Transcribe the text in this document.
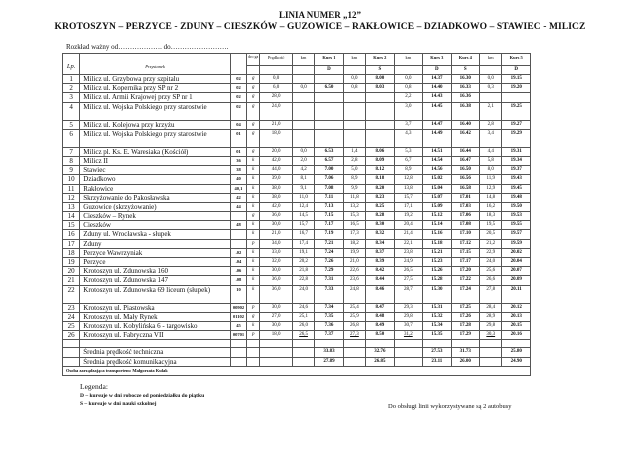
LINIA NUMER „12”
KROTOSZYN – PERZYCE - ZDUNY – CIESZKÓW – GUZOWICE – RAKŁOWICE – DZIADKOWO – STAWIEC - MILICZ
Rozkład ważny od………………. do…………………….
Lp.	Przystanek		dro ga	Prędkość	km	Kurs 1	km	Kurs 2	km	Kurs 3	Kurs 4	km	Kurs 5
						D		S		D	S		D
1	Milicz ul. Grzybowa przy szpitalu	02	g	0,0			0,0	8.00	0,0	14.37	16.30	0,0	19.15
2	Milicz ul. Kopernika przy SP nr 2	02	g	6,0	0,0	6.50	0,8	8.03	0,8	14.40	16.33	0,3	19.20
3	Milicz ul. Armii Krajowej przy SP nr 1	02	g	28,0					2,2	14.43	16.36		
4	Milicz ul. Wojska Polskiego przy starostwie	02	g	24,0					3,0	14.45	16.38	2,1	19.25
5	Milicz ul. Kolejowa przy krzyżu	04	g	21,0					3,7	14.47	16.40	2,8	19.27
6	Milicz ul. Wojska Polskiego przy starostwie	01	g	18,0					4,3	14.49	16.42	3,4	19.29
7	Milicz pl. Ks. E. Waresiaka (Kościół)	01	g	20,0	0,0	6.53	1,4	8.06	5,3	14.51	16.44	4,4	19.31
8	Milicz II	36	k	42,0	2,0	6.57	2,8	8.09	6,7	14.54	16.47	5,8	19.34
9	Stawiec	38	k	44,0	4,2	7.00	5,0	8.12	8,9	14.56	16.50	8,0	19.37
10	Dziadkowo	40	k	39,0	8,1	7.06	8,9	8.18	12,8	15.02	16.56	11,9	19.43
11	Rakłowice	40,1	k	38,0	9,1	7.08	9,9	8.20	13,8	15.04	16.58	12,9	19.45
12	Skrzyżowanie do Pakosławska	42	k	38,0	11,0	7.11	11,8	8.23	15,7	15.07	17.01	14,8	19.48
13	Guzowice (skrzyżowanie)	44	k	42,0	12,4	7.13	13,2	8.25	17,1	15.09	17.03	16,2	19.50
14	Cieszków – Rynek		g	36,0	14,5	7.15	15,3	8.28	19,2	15.12	17.06	18,3	19.53
15	Cieszków	48	k	30,0	15,7	7.17	16,5	8.30	20,4	15.14	17.08	19,5	19.55
16	Zduny ul. Wrocławska - słupek		k	21,0	16,7	7.19	17,3	8.32	21,4	15.16	17.10	20,5	19.57
17	Zduny		p	34,0	17,4	7.21	18,2	8.34	22,1	15.18	17.12	21,2	19.59
18	Perzyce Wawrzyniak	.02	k	33,0	19,1	7.24	19,9	8.37	23,8	15.21	17.15	22,9	20.02
19	Perzyce	.04	k	32,0	20,2	7.26	21,0	8.39	24,9	15.23	17.17	24,0	20.04
20	Krotoszyn ul. Zdunowska 160	.06	k	30,0	21,8	7.29	22,6	8.42	26,5	15.26	17.20	25,6	20.07
21	Krotoszyn ul. Zdunowska 147	.08	k	36,0	22,8	7.31	23,6	8.44	27,5	15.28	17.22	26,6	20.09
22	Krotoszyn ul. Zdunowska 69 liceum (słupek)	10	k	36,0	24,0	7.33	24,8	8.46	28,7	15.30	17.24	27,8	20.11
23	Krotoszyn ul. Piastowska	00902	p	30,0	24,6	7.34	25,4	8.47	29,3	15.31	17.25	28,4	20.12
24	Krotoszyn ul. Mały Rynek	01102	g	27,0	25,1	7.35	25,9	8.48	29,8	15.32	17.26	28,9	20.13
25	Krotoszyn ul. Kobylińska 6 - targowisko	45	k	30,0	26,0	7.36	26,8	8.49	30,7	15.34	17.28	29,8	20.15
26	Krotoszyn ul. Fabryczna VII	00701	p	18,0	26,5	7.37	27,3	8.50	31,2	15.35	17.29	30,3	20.16

	Średnia prędkość techniczna					33.83		32.76		27.53	31.73		25.80
	Średnia prędkość komunikacyjna					27.89		26.85		23.11	26.00		24.90
Osoba zarządzająca transportem: Małgorzata Kulak													
Legenda:
D – kursuje w dni robocze od poniedziałku do piątku
S – kursuje w dni nauki szkolnej	Do obsługi linii wykorzystywane są 2 autobusy
